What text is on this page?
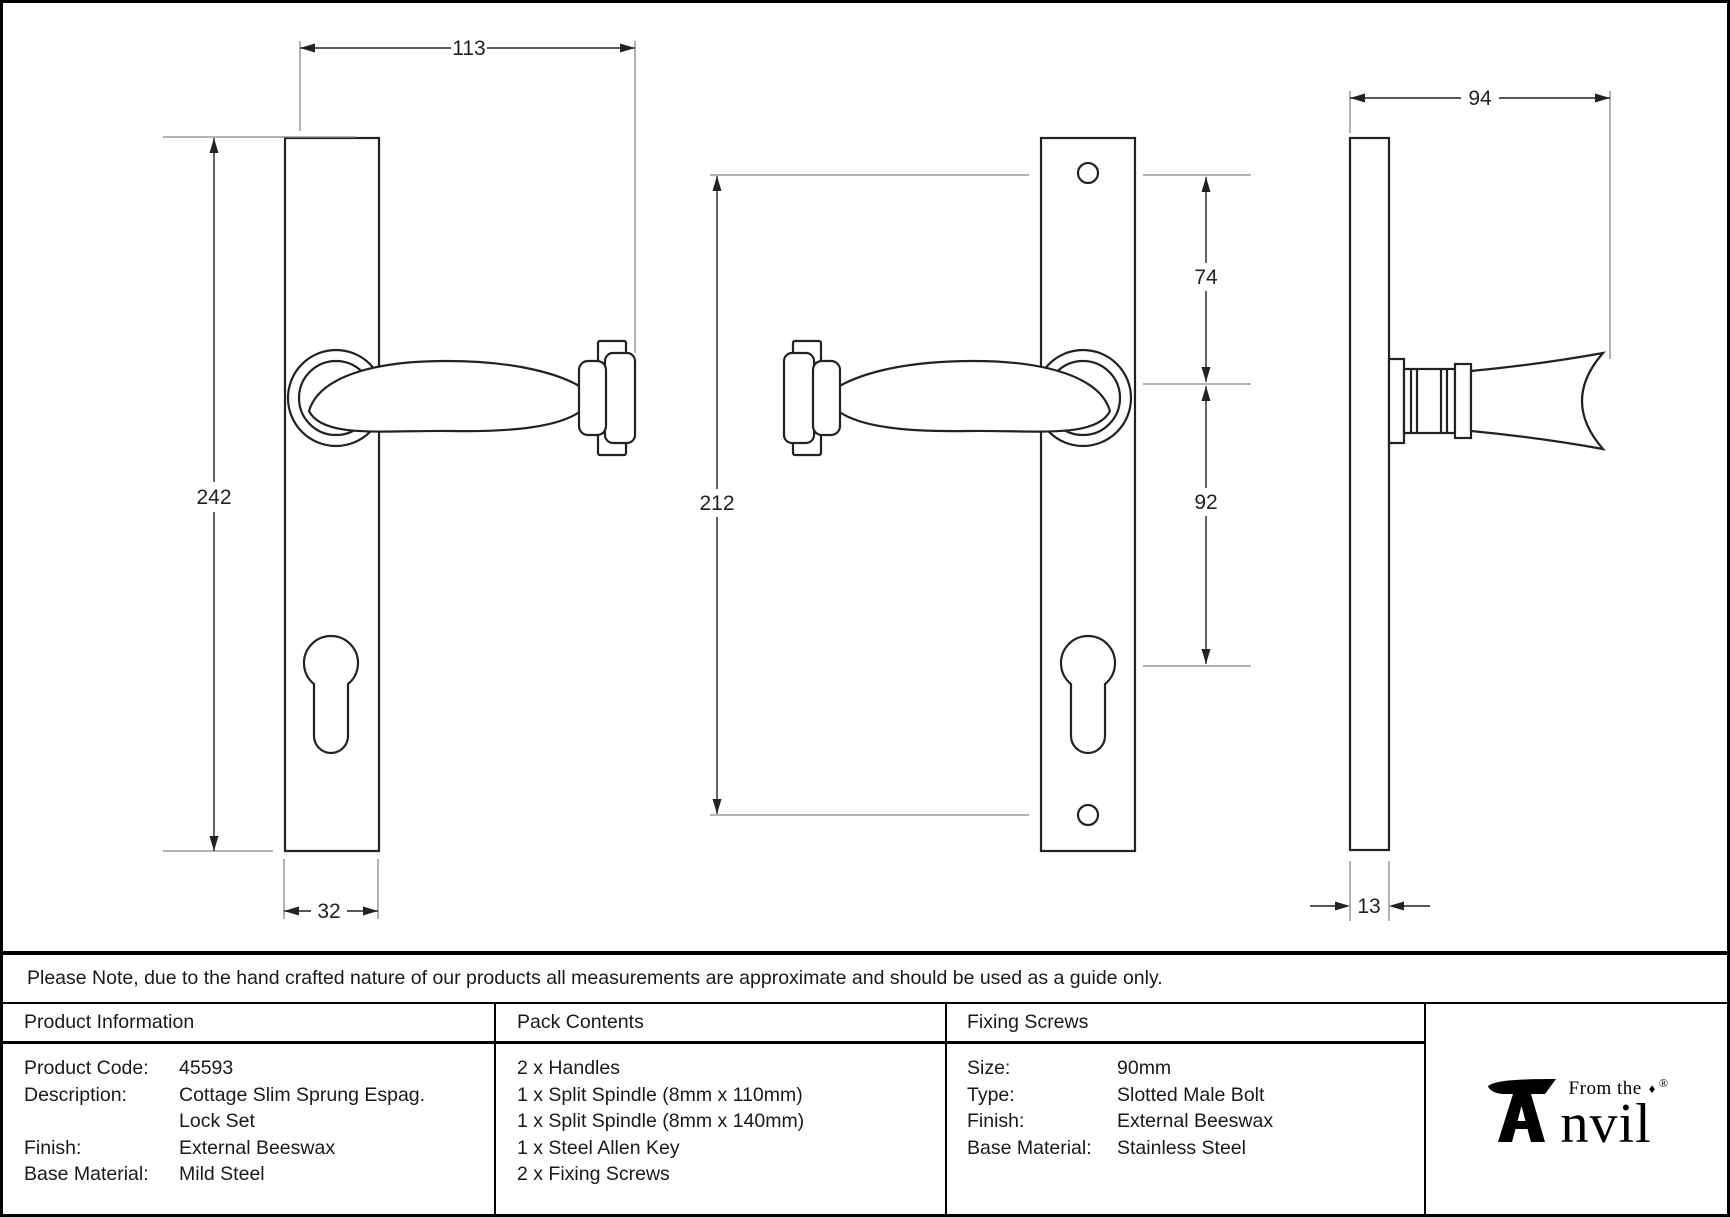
113
242
32
212
74
92
94
13
Please Note, due to the hand crafted nature of our products all measurements are approximate and should be used as a guide only.
Product Information
Product Code:	45593
Description:	Cottage Slim Sprung Espag.
Lock Set
Finish:	External Beeswax
Base Material:	Mild Steel
Pack Contents
2 x Handles
1 x Split Spindle (8mm x 110mm)
1 x Split Spindle (8mm x 140mm)
1 x Steel Allen Key
2 x Fixing Screws
Fixing Screws
Size:	90mm
Type:	Slotted Male Bolt
Finish:	External Beeswax
Base Material:	Stainless Steel
From the ♦ ®
nvil
